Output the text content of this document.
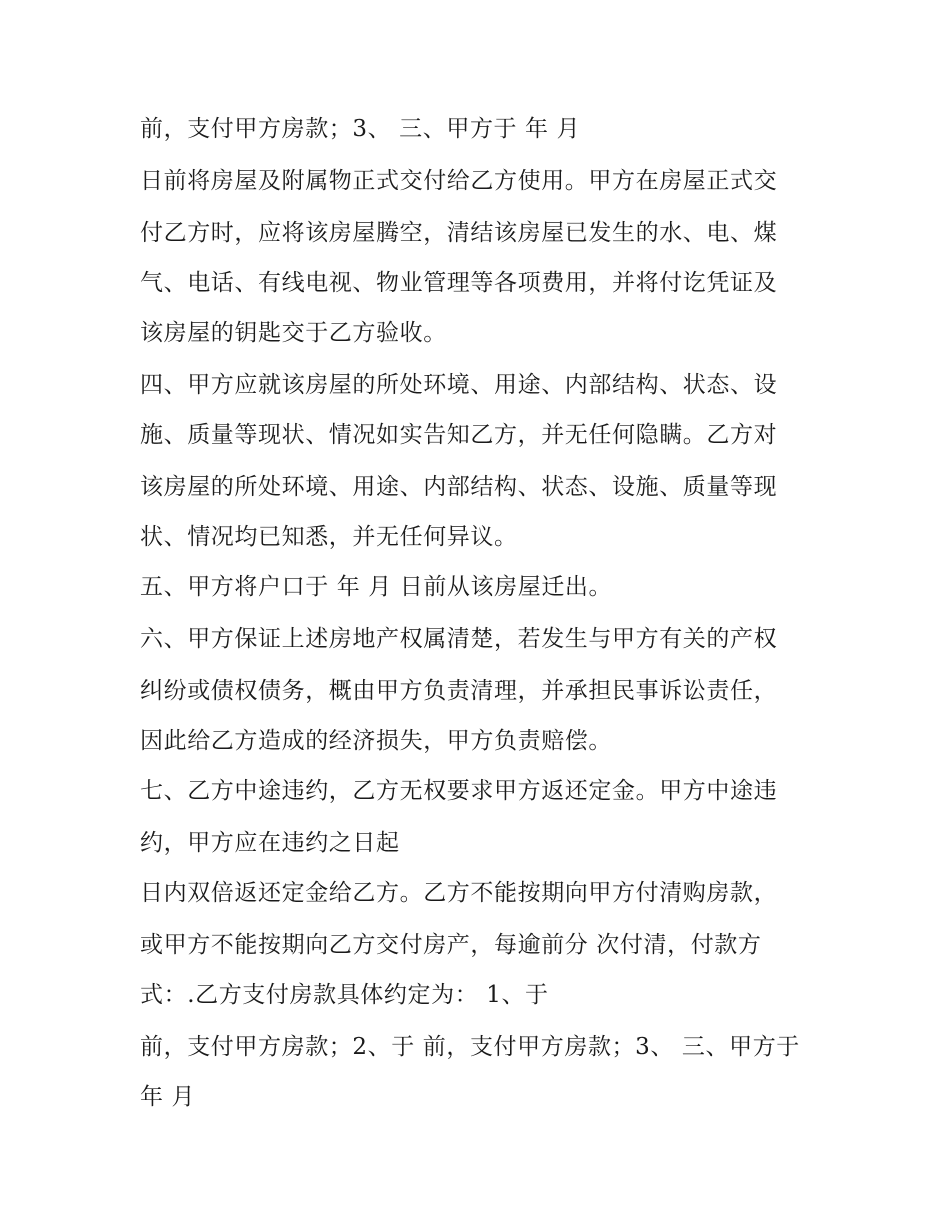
前，支付甲方房款；3、 三、甲方于 年 月
日前将房屋及附属物正式交付给乙方使用。甲方在房屋正式交
付乙方时，应将该房屋腾空，清结该房屋已发生的水、电、煤
气、电话、有线电视、物业管理等各项费用，并将付讫凭证及
该房屋的钥匙交于乙方验收。
四、甲方应就该房屋的所处环境、用途、内部结构、状态、设
施、质量等现状、情况如实告知乙方，并无任何隐瞒。乙方对
该房屋的所处环境、用途、内部结构、状态、设施、质量等现
状、情况均已知悉，并无任何异议。
五、甲方将户口于 年 月 日前从该房屋迁出。
六、甲方保证上述房地产权属清楚，若发生与甲方有关的产权
纠纷或债权债务，概由甲方负责清理，并承担民事诉讼责任，
因此给乙方造成的经济损失，甲方负责赔偿。
七、乙方中途违约，乙方无权要求甲方返还定金。甲方中途违
约，甲方应在违约之日起
日内双倍返还定金给乙方。乙方不能按期向甲方付清购房款，
或甲方不能按期向乙方交付房产，每逾前分 次付清，付款方
式：.乙方支付房款具体约定为： 1、于
前，支付甲方房款；2、于 前，支付甲方房款；3、 三、甲方于
年 月
